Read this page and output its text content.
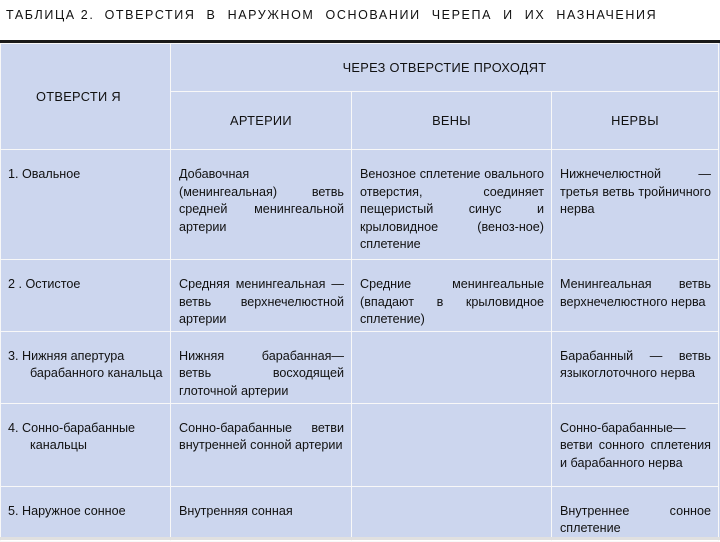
ТАБЛИЦА 2. ОТВЕРСТИЯ В НАРУЖНОМ ОСНОВАНИИ ЧЕРЕПА И ИХ НАЗНАЧЕНИЯ
ОТВЕРСТИ Я	ЧЕРЕЗ ОТВЕРСТИЕ ПРОХОДЯТ		
	АРТЕРИИ	ВЕНЫ	НЕРВЫ

1. Овальное	Добавочная (менингеальная) ветвь средней менингеальной артерии	Венозное сплетение овального отверстия, соединяет пещеристый синус и крыловидное (веноз-ное) сплетение	Нижнечелюстной — третья ветвь тройничного нерва

2 . Остистое	Средняя менингеальная — ветвь верхнечелюстной артерии	Средние менингеальные (впадают в крыловидное сплетение)	Менингеальная ветвь верхнечелюстного нерва

3. Нижняя апертура барабанного канальца	Нижняя барабанная— ветвь восходящей глоточной артерии		Барабанный — ветвь языкоглоточного нерва

4. Сонно-барабанные канальцы	Сонно-барабанные ветви внутренней сонной артерии		Сонно-барабанные— ветви сонного сплетения и барабанного нерва

5. Наружное сонное	Внутренняя сонная		Внутреннее сонное сплетение
